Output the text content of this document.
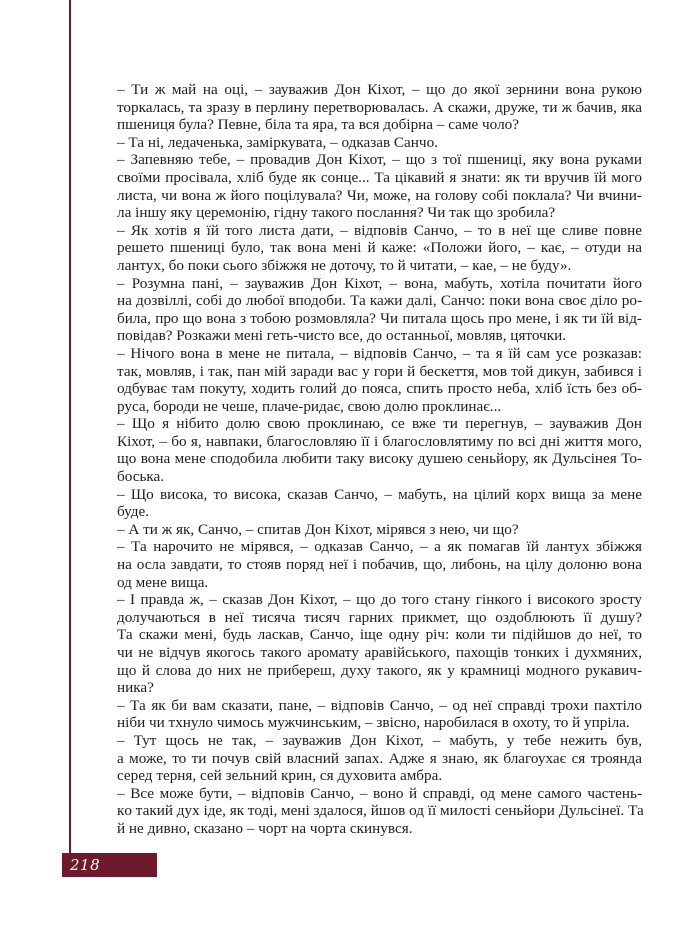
– Ти ж май на оці, – зауважив Дон Кіхот, – що до якої зернини вона рукою
торкалась, та зразу в перлину перетворювалась. А скажи, друже, ти ж бачив, яка
пшениця була? Певне, біла та яра, та вся добірна – саме чоло?

– Та ні, ледаченька, заміркувата, – одказав Санчо.

– Запевняю тебе, – провадив Дон Кіхот, – що з тої пшениці, яку вона руками
своїми просівала, хліб буде як сонце... Та цікавий я знати: як ти вручив їй мого
листа, чи вона ж його поцілувала? Чи, може, на голову собі поклала? Чи вчини-
ла іншу яку церемонію, гідну такого послання? Чи так що зробила?

– Як хотів я їй того листа дати, – відповів Санчо, – то в неї ще сливе повне
решето пшениці було, так вона мені й каже: «Положи його, – кає, – отуди на
лантух, бо поки сього збіжжя не доточу, то й читати, – кае, – не буду».

– Розумна пані, – зауважив Дон Кіхот, – вона, мабуть, хотіла почитати його
на дозвіллі, собі до любої вподоби. Та кажи далі, Санчо: поки вона своє діло ро-
била, про що вона з тобою розмовляла? Чи питала щось про мене, і як ти їй від-
повідав? Розкажи мені геть-чисто все, до останньої, мовляв, цяточки.

– Нічого вона в мене не питала, – відповів Санчо, – та я їй сам усе розказав:
так, мовляв, і так, пан мій заради вас у гори й бескеття, мов той дикун, забився і
одбуває там покуту, ходить голий до пояса, спить просто неба, хліб їсть без об-
руса, бороди не чеше, плаче-ридає, свою долю проклинає...

– Що я нібито долю свою проклинаю, се вже ти перегнув, – зауважив Дон
Кіхот, – бо я, навпаки, благословляю її і благословлятиму по всі дні життя мого,
що вона мене сподобила любити таку високу душею сеньйору, як Дульсінея То-
боська.

– Що висока, то висока, сказав Санчо, – мабуть, на цілий корх вища за мене
буде.

– А ти ж як, Санчо, – спитав Дон Кіхот, мірявся з нею, чи що?

– Та нарочито не мірявся, – одказав Санчо, – а як помагав їй лантух збіжжя
на осла завдати, то стояв поряд неї і побачив, що, либонь, на цілу долоню вона
од мене вища.

– І правда ж, – сказав Дон Кіхот, – що до того стану гінкого і високого зросту
долучаються в неї тисяча тисяч гарних прикмет, що оздоблюють її душу?
Та скажи мені, будь ласкав, Санчо, іще одну річ: коли ти підійшов до неї, то
чи не відчув якогось такого аромату аравійського, пахощів тонких і духмяних,
що й слова до них не прибереш, духу такого, як у крамниці модного рукавич-
ника?

– Та як би вам сказати, пане, – відповів Санчо, – од неї справді трохи пахтіло
ніби чи тхнуло чимось мужчинським, – звісно, наробилася в охоту, то й упріла.

– Тут щось не так, – зауважив Дон Кіхот, – мабуть, у тебе нежить був,
а може, то ти почув свій власний запах. Адже я знаю, як благоухає ся троянда
серед терня, сей зельний крин, ся духовита амбра.

– Все може бути, – відповів Санчо, – воно й справді, од мене самого частень-
кo такий дух іде, як тоді, мені здалося, йшов од її милості сеньйори Дульсінеї. Та
й не дивно, сказано – чорт на чорта скинувся.

218
